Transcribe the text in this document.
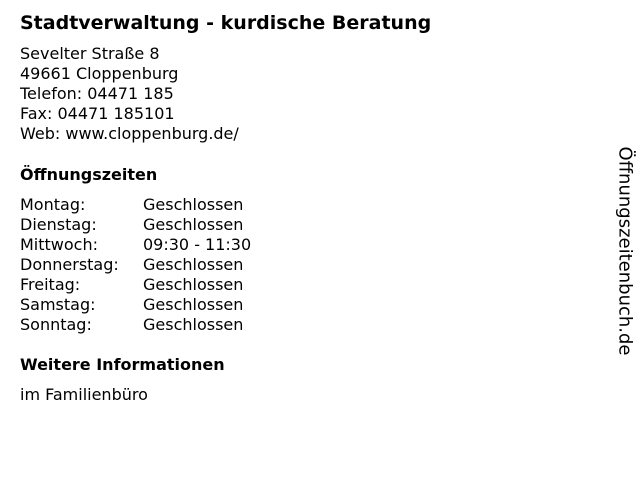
Stadtverwaltung - kurdische Beratung
Sevelter Straße 8
49661 Cloppenburg
Telefon: 04471 185
Fax: 04471 185101
Web: www.cloppenburg.de/
Öffnungszeiten
Montag:	Geschlossen
Dienstag:	Geschlossen
Mittwoch:	09:30 - 11:30
Donnerstag:	Geschlossen
Freitag:	Geschlossen
Samstag:	Geschlossen
Sonntag:	Geschlossen
Weitere Informationen
im Familienbüro
Öffnungszeitenbuch.de
